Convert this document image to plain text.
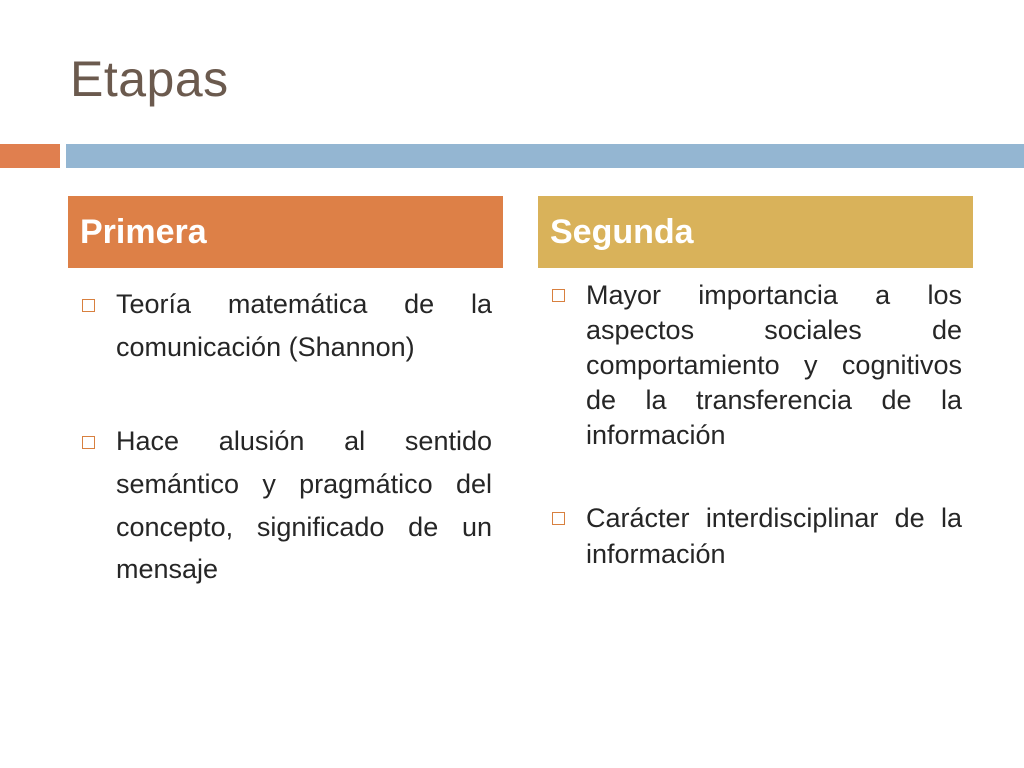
Etapas
Primera	Segunda
Teoría matemática de la comunicación (Shannon)
Hace alusión al sentido semántico y pragmático del concepto, significado de un mensaje
Mayor importancia a los aspectos sociales de comportamiento y cognitivos de la transferencia de la información
Carácter interdisciplinar de la información
